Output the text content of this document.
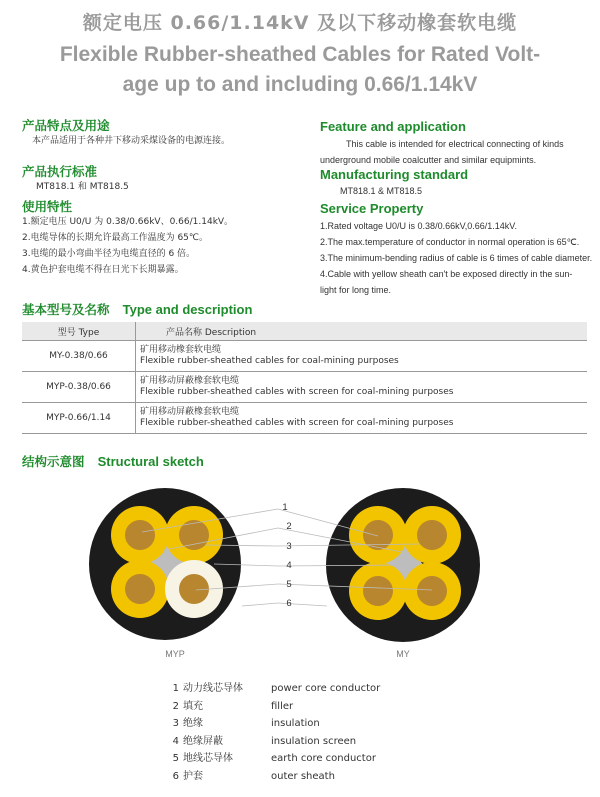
额定电压 0.66/1.14kV 及以下移动橡套软电缆
Flexible Rubber-sheathed Cables for Rated Volt-
age up to and including 0.66/1.14kV
产品特点及用途
本产品适用于各种井下移动采煤设备的电源连接。
产品执行标准
MT818.1 和 MT818.5
使用特性
1.额定电压 U0/U 为 0.38/0.66kV、0.66/1.14kV。
2.电缆导体的长期允许最高工作温度为 65℃。
3.电缆的最小弯曲半径为电缆直径的 6 倍。
4.黄色护套电缆不得在日光下长期暴露。
Feature and application
This cable is intended for electrical connecting of kinds
underground mobile coalcutter and similar equipmints.
Manufacturing standard
MT818.1 & MT818.5
Service Property
1.Rated voltage U0/U is 0.38/0.66kV,0.66/1.14kV.
2.The max.temperature of conductor in normal operation is 65℃.
3.The minimum-bending radius of cable is 6 times of cable diameter.
4.Cable with yellow sheath can't be exposed directly in the sun-
light for long time.
基本型号及名称 Type and description
型号 Type	产品名称 Description
MY-0.38/0.66	矿用移动橡套软电缆
Flexible rubber-sheathed cables for coal-mining purposes

MYP-0.38/0.66	矿用移动屏蔽橡套软电缆
Flexible rubber-sheathed cables with screen for coal-mining purposes

MYP-0.66/1.14	矿用移动屏蔽橡套软电缆
Flexible rubber-sheathed cables with screen for coal-mining purposes
结构示意图 Structural sketch
1
2
3
4
5
6
MYP	MY
1 动力线芯导体	power core conductor
2 填充	filler
3 绝缘	insulation
4 绝缘屏蔽	insulation screen
5 地线芯导体	earth core conductor
6 护套	outer sheath
